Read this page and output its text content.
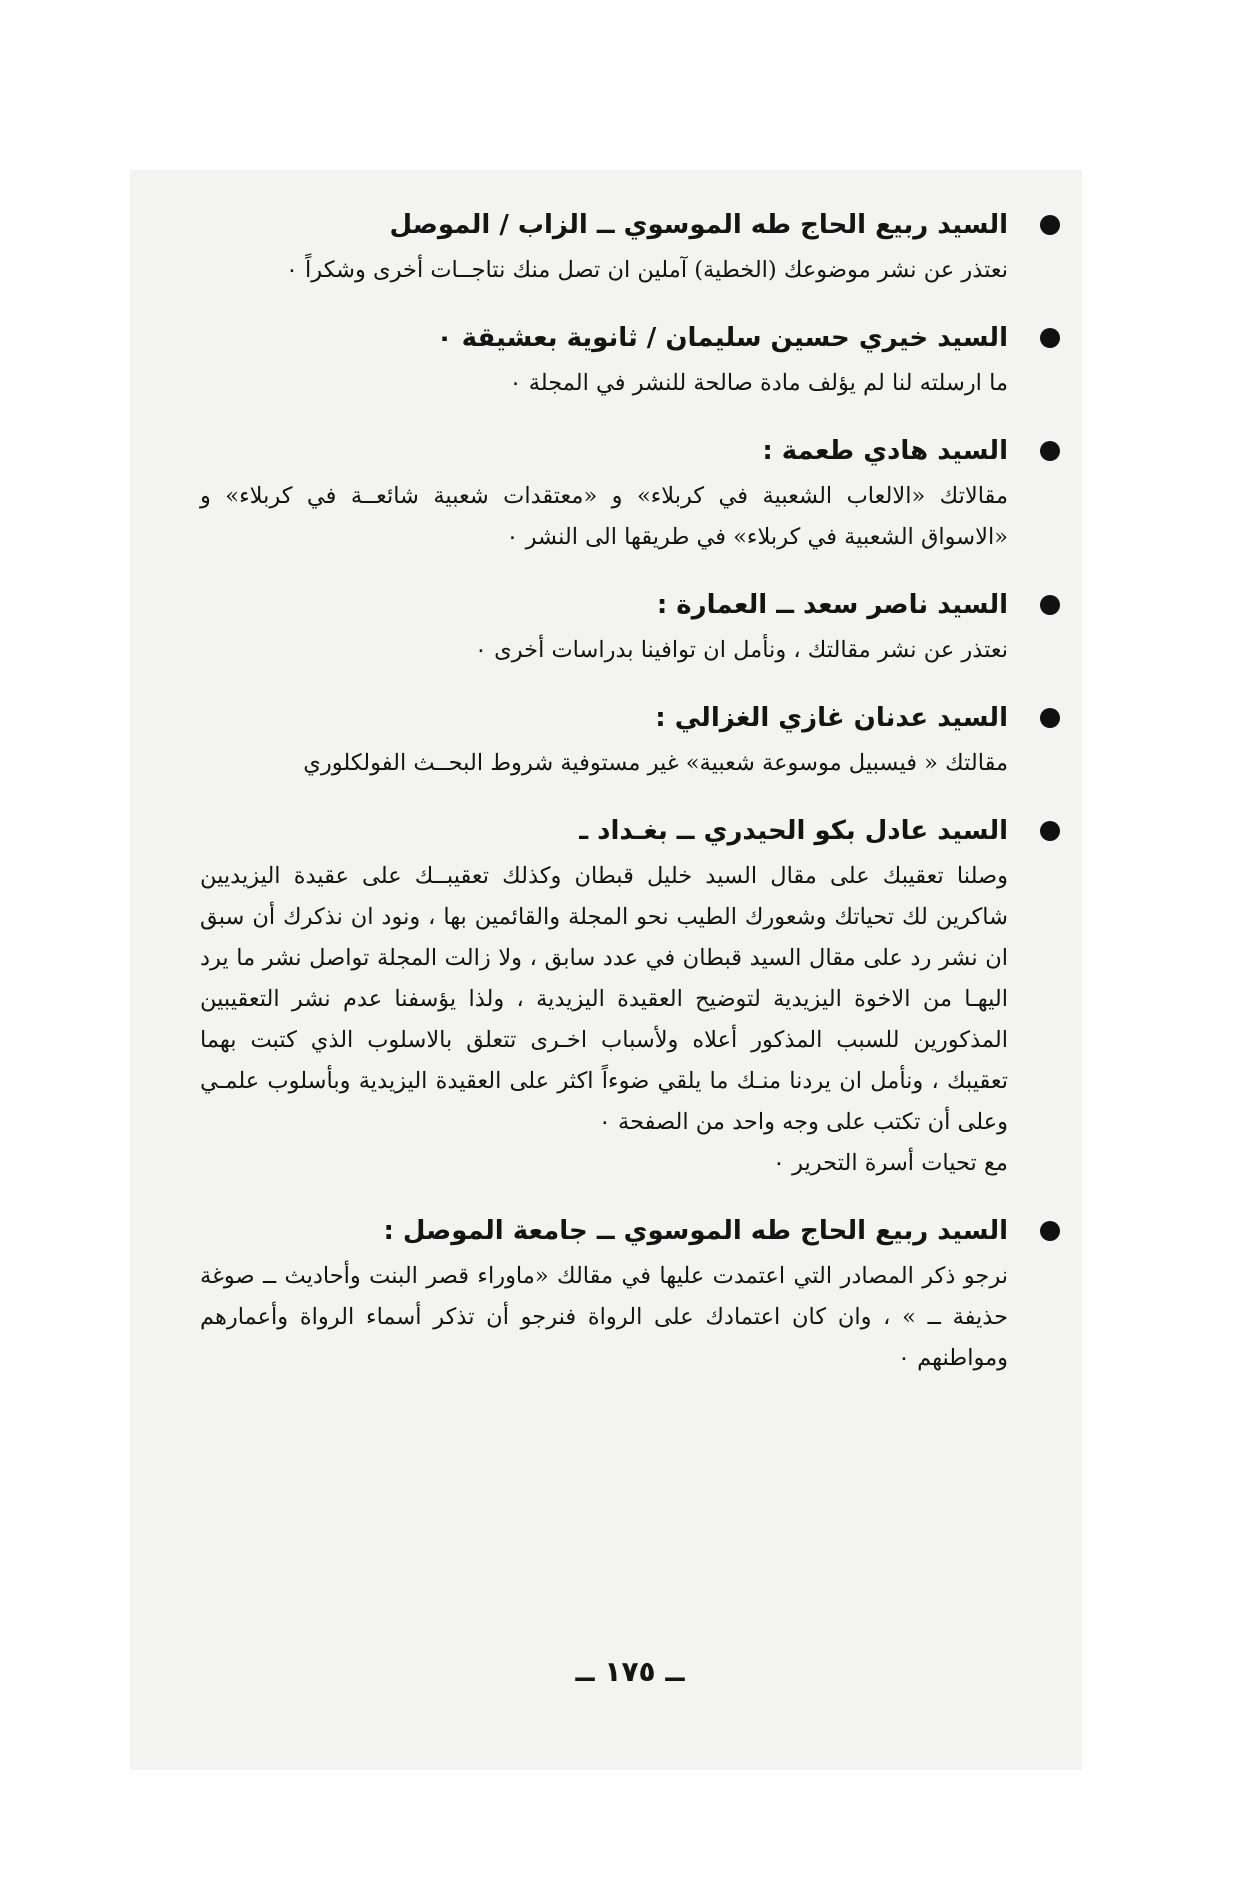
السيد ربيع الحاج طه الموسوي ــ الزاب / الموصل

نعتذر عن نشر موضوعك (الخطية) آملين ان تصل منك نتاجــات أخرى وشكراً ٠

السيد خيري حسين سليمان / ثانوية بعشيقة ٠

ما ارسلته لنا لم يؤلف مادة صالحة للنشر في المجلة ٠

السيد هادي طعمة :

مقالاتك «الالعاب الشعبية في كربلاء» و «معتقدات شعبية شائعــة في كربلاء» و «الاسواق الشعبية في كربلاء» في طريقها الى النشر ٠

السيد ناصر سعد ــ العمارة :

نعتذر عن نشر مقالتك ، ونأمل ان توافينا بدراسات أخرى ٠

السيد عدنان غازي الغزالي :

مقالتك « فيسبيل موسوعة شعبية» غير مستوفية شروط البحــث الفولكلوري

السيد عادل بكو الحيدري ــ بغـداد ـ

وصلنا تعقيبك على مقال السيد خليل قبطان وكذلك تعقيبــك على عقيدة اليزيديين شاكرين لك تحياتك وشعورك الطيب نحو المجلة والقائمين بها ، ونود ان نذكرك أن سبق ان نشر رد على مقال السيد قبطان في عدد سابق ، ولا زالت المجلة تواصل نشر ما يرد اليهـا من الاخوة اليزيدية لتوضيح العقيدة اليزيدية ، ولذا يؤسفنا عدم نشر التعقيبين المذكورين للسبب المذكور أعلاه ولأسباب اخـرى تتعلق بالاسلوب الذي كتبت بهما تعقيبك ، ونأمل ان يردنا منـك ما يلقي ضوءاً اكثر على العقيدة اليزيدية وبأسلوب علمـي وعلى أن تكتب على وجه واحد من الصفحة ٠

مع تحيات أسرة التحرير ٠

السيد ربيع الحاج طه الموسوي ــ جامعة الموصل :

نرجو ذكر المصادر التي اعتمدت عليها في مقالك «ماوراء قصر البنت وأحاديث ــ صوغة حذيفة ــ » ، وان كان اعتمادك على الرواة فنرجو أن تذكر أسماء الرواة وأعمارهم ومواطنهم ٠

ــ ١٧٥ ــ
